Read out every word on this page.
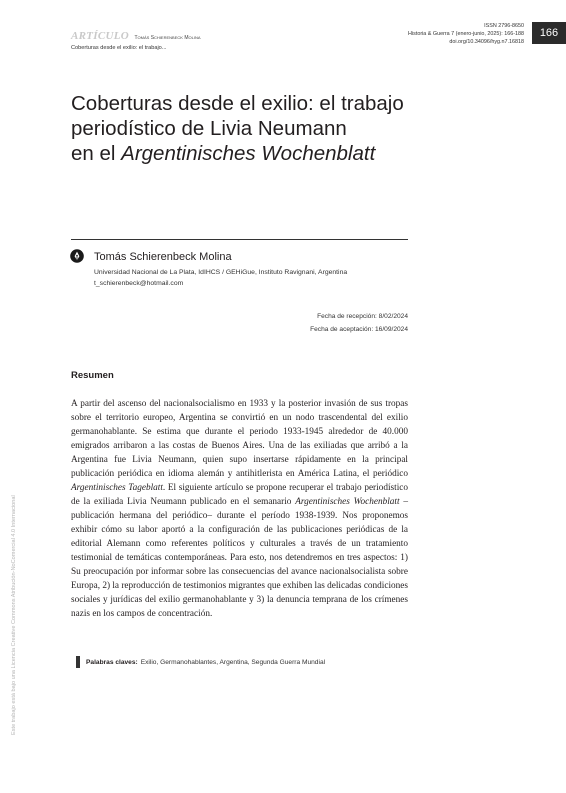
ARTÍCULO Tomás Schierenbeck Molina
Coberturas desde el exilio: el trabajo...
ISSN 2796-8650
Historia & Guerra 7 (enero-junio, 2025): 166-188
doi.org/10.34096/hyg.n7.16818
166
Coberturas desde el exilio: el trabajo
periodístico de Livia Neumann
en el Argentinisches Wochenblatt
Tomás Schierenbeck Molina
Universidad Nacional de La Plata, IdIHCS / GEHiGue, Instituto Ravignani, Argentina
t_schierenbeck@hotmail.com
Fecha de recepción: 8/02/2024
Fecha de aceptación: 16/09/2024
Resumen

A partir del ascenso del nacionalsocialismo en 1933 y la posterior invasión de sus tropas sobre el territorio europeo, Argentina se convirtió en un nodo trascendental del exilio germanohablante. Se estima que durante el periodo 1933-1945 alrededor de 40.000 emigrados arribaron a las costas de Buenos Aires. Una de las exiliadas que arribó a la Argentina fue Livia Neumann, quien supo insertarse rápidamente en la principal publicación periódica en idioma alemán y antihitlerista en América Latina, el periódico Argentinisches Tageblatt. El siguiente artículo se propone recuperar el trabajo periodístico de la exiliada Livia Neumann publicado en el semanario Argentinisches Wochenblatt –publicación hermana del periódico– durante el período 1938-1939. Nos proponemos exhibir cómo su labor aportó a la configuración de las publicaciones periódicas de la editorial Alemann como referentes políticos y culturales a través de un tratamiento testimonial de temáticas contemporáneas. Para esto, nos detendremos en tres aspectos: 1) Su preocupación por informar sobre las consecuencias del avance nacionalsocialista sobre Europa, 2) la reproducción de testimonios migrantes que exhiben las delicadas condiciones sociales y jurídicas del exilio germanohablante y 3) la denuncia temprana de los crímenes nazis en los campos de concentración.

Palabras claves: Exilio, Germanohablantes, Argentina, Segunda Guerra Mundial
Este trabajo está bajo una Licencia Creative Commons Atribución-NoComercial 4.0 Internacional
